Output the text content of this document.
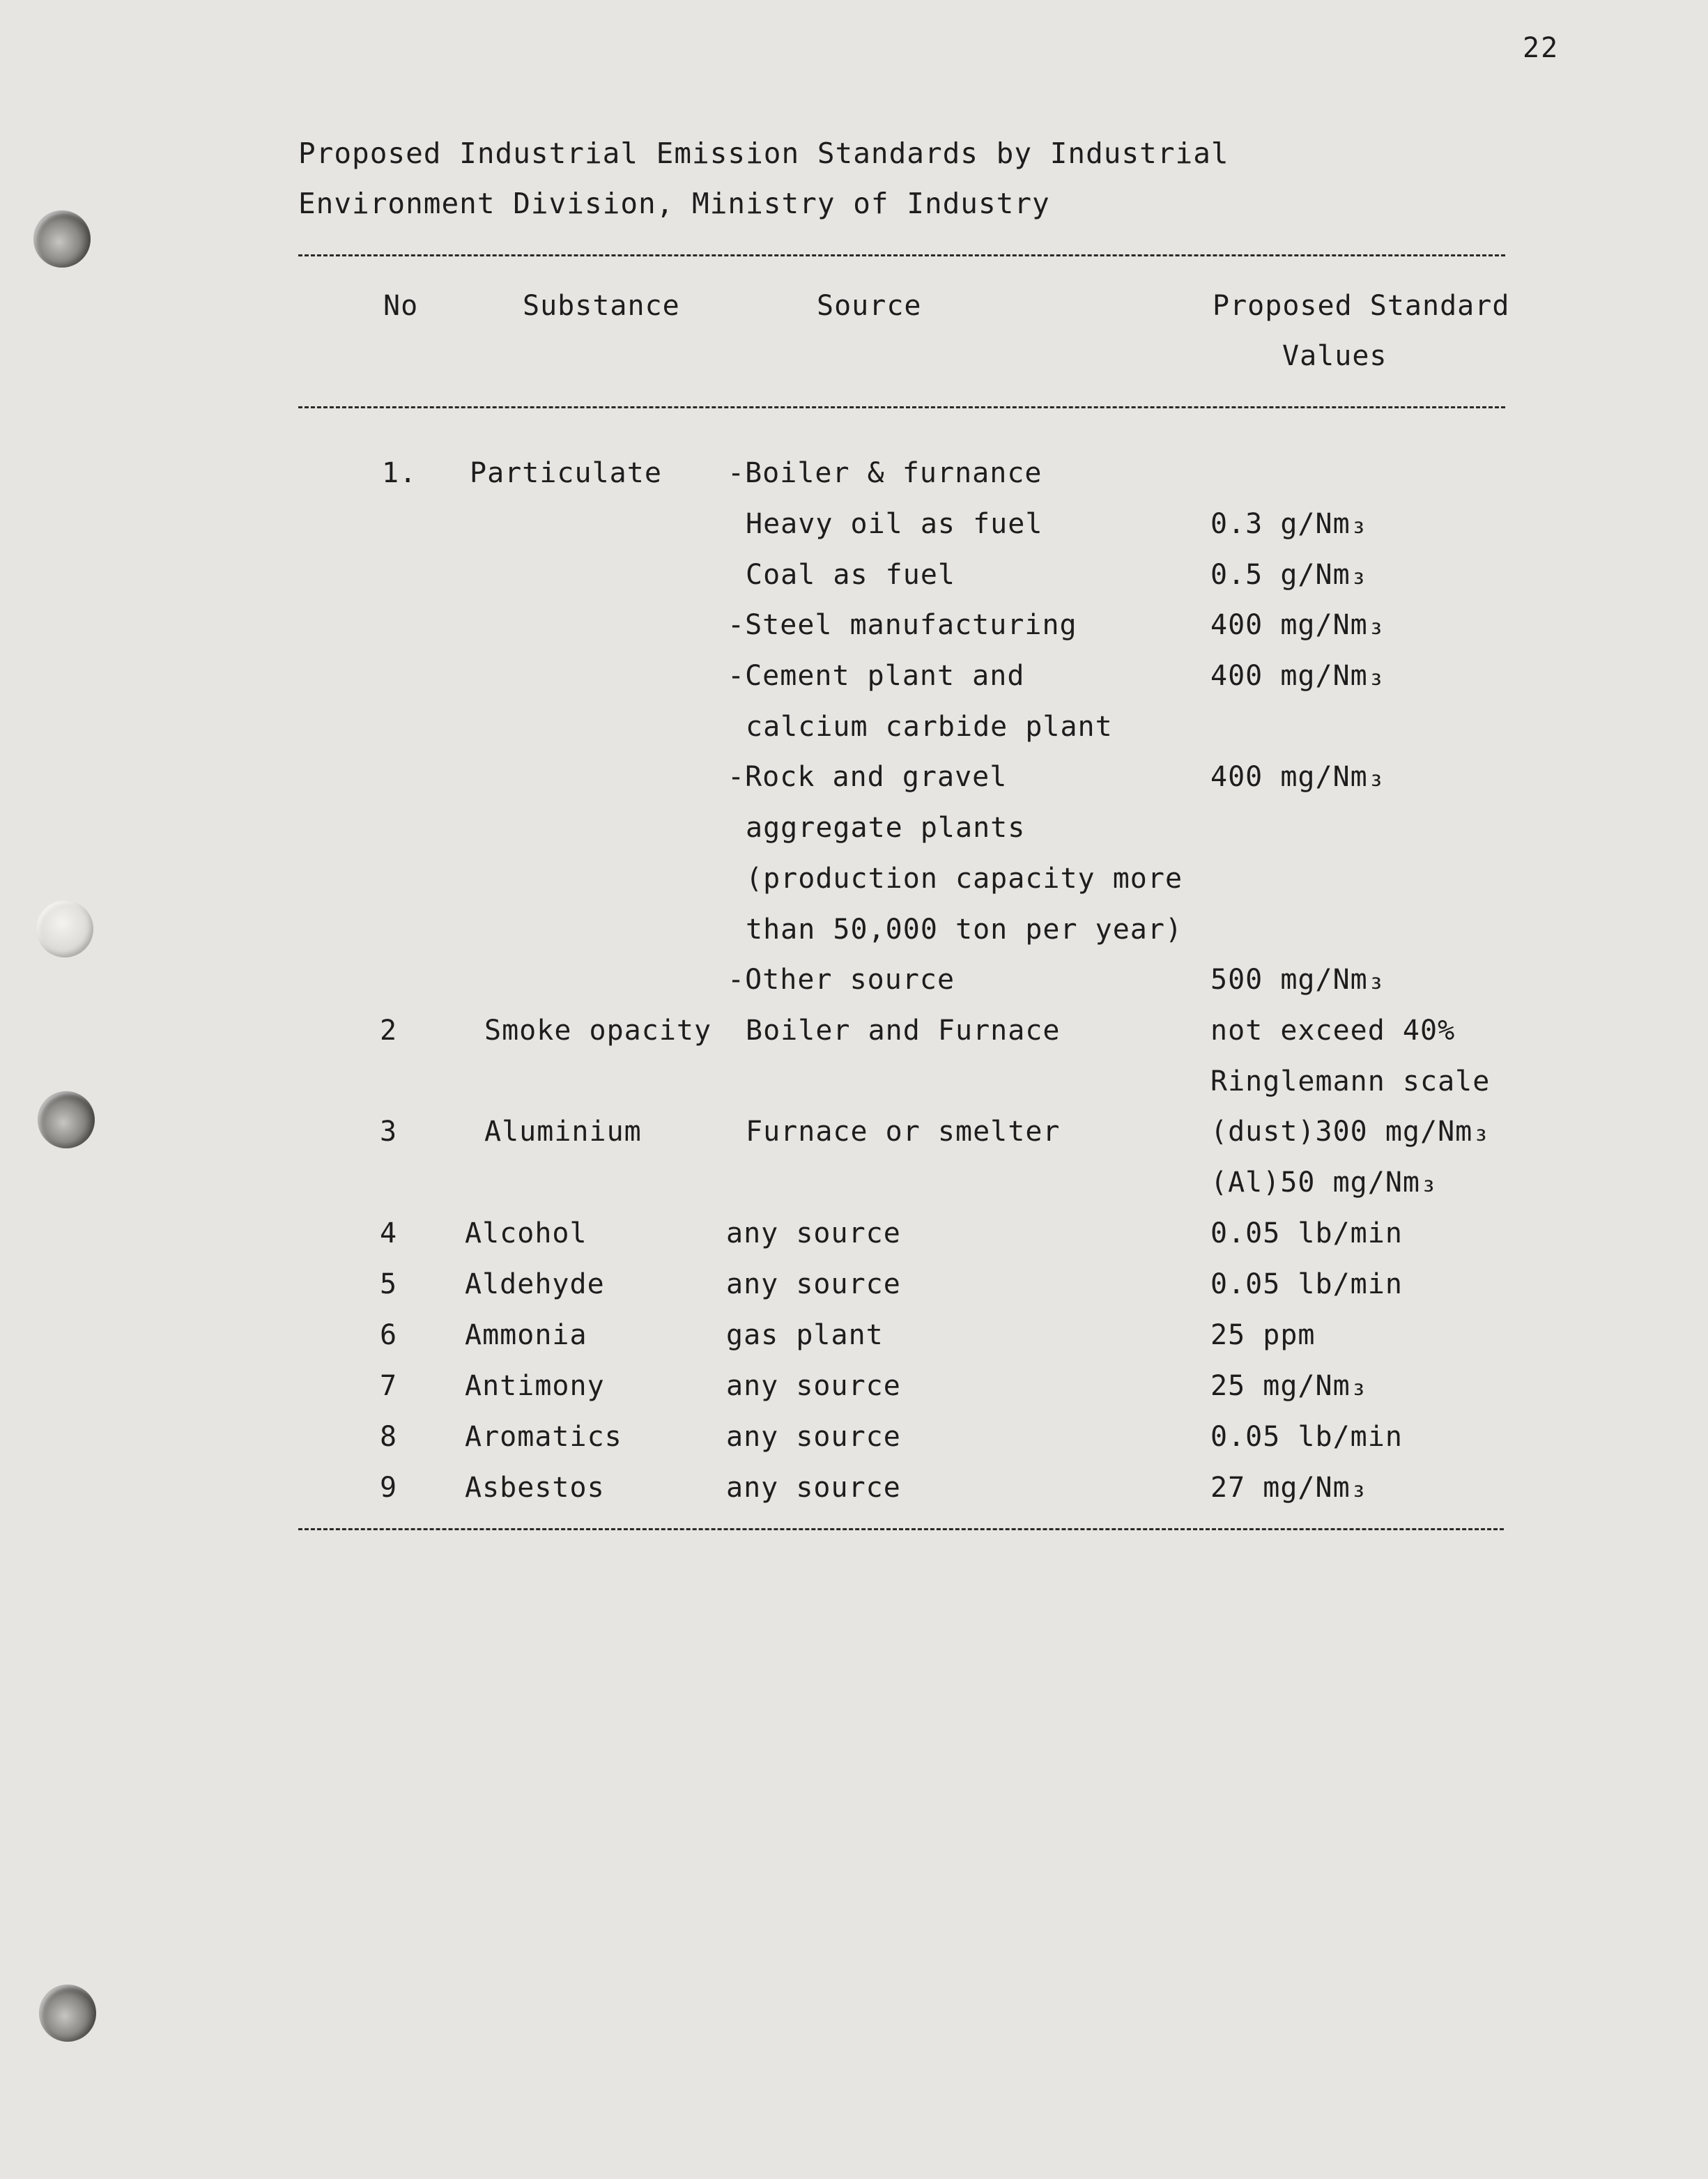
22
Proposed Industrial Emission Standards by Industrial
Environment Division, Ministry of Industry
No	Substance	Source	Proposed Standard
Values
1. Particulate -Boiler & furnance
Heavy oil as fuel	0.3 g/Nm₃
Coal as fuel	0.5 g/Nm₃
-Steel manufacturing	400 mg/Nm₃
-Cement plant and	400 mg/Nm₃
calcium carbide plant
-Rock and gravel	400 mg/Nm₃
aggregate plants
(production capacity more
than 50,000 ton per year)
-Other source	500 mg/Nm₃
2	Smoke opacity Boiler and Furnace	not exceed 40%
Ringlemann scale
3	Aluminium	Furnace or smelter	(dust)300 mg/Nm₃
(Al)50 mg/Nm₃
4 Alcohol	any source	0.05 lb/min
5 Aldehyde	any source	0.05 lb/min
6 Ammonia	gas plant	25 ppm
7 Antimony	any source	25 mg/Nm₃
8 Aromatics	any source	0.05 lb/min
9 Asbestos	any source	27 mg/Nm₃
